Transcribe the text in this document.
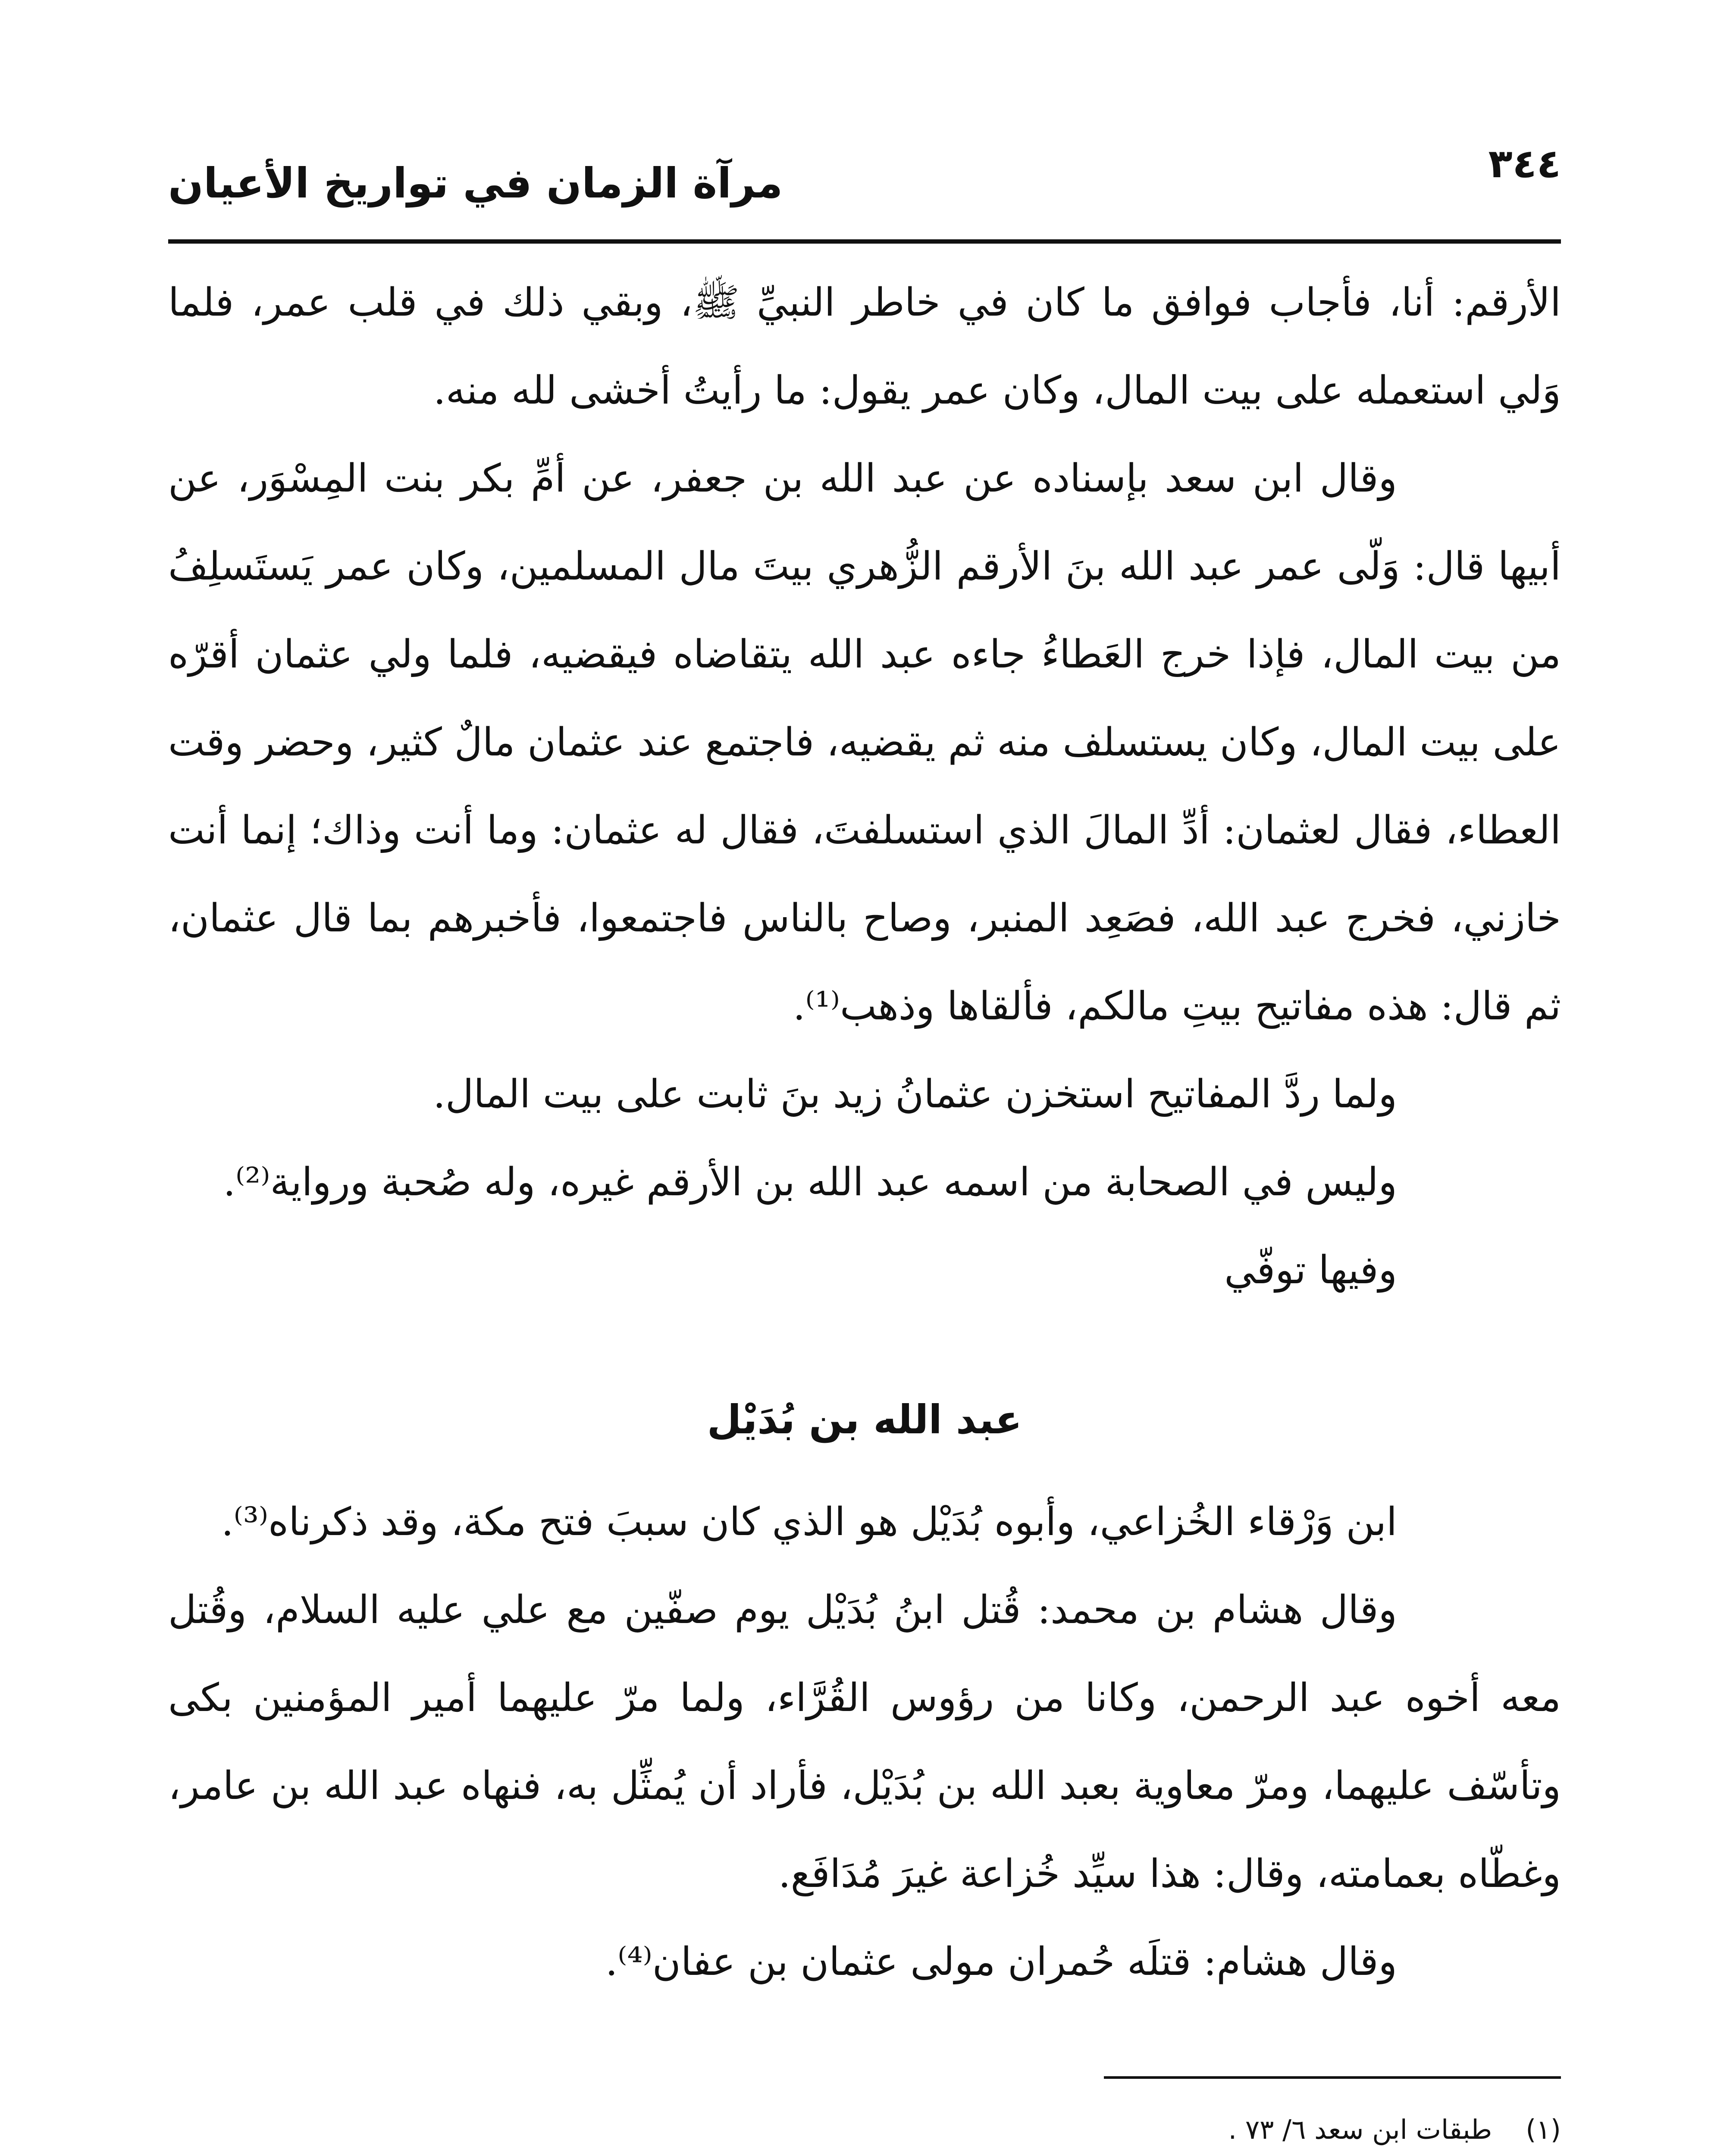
٣٤٤
مرآة الزمان في تواريخ الأعيان

الأرقم: أنا، فأجاب فوافق ما كان في خاطر النبيِّ ﷺ، وبقي ذلك في قلب عمر، فلما وَلي استعمله على بيت المال، وكان عمر يقول: ما رأيتُ أخشى لله منه.

وقال ابن سعد بإسناده عن عبد الله بن جعفر، عن أمِّ بكر بنت المِسْوَر، عن أبيها قال: وَلّى عمر عبد الله بنَ الأرقم الزُّهري بيتَ مال المسلمين، وكان عمر يَستَسلِفُ من بيت المال، فإذا خرج العَطاءُ جاءه عبد الله يتقاضاه فيقضيه، فلما ولي عثمان أقرّه على بيت المال، وكان يستسلف منه ثم يقضيه، فاجتمع عند عثمان مالٌ كثير، وحضر وقت العطاء، فقال لعثمان: أدِّ المالَ الذي استسلفتَ، فقال له عثمان: وما أنت وذاك؛ إنما أنت خازني، فخرج عبد الله، فصَعِد المنبر، وصاح بالناس فاجتمعوا، فأخبرهم بما قال عثمان، ثم قال: هذه مفاتيح بيتِ مالكم، فألقاها وذهب⁽¹⁾.

ولما ردَّ المفاتيح استخزن عثمانُ زيد بنَ ثابت على بيت المال.

وليس في الصحابة من اسمه عبد الله بن الأرقم غيره، وله صُحبة ورواية⁽²⁾.

وفيها توفّي

عبد الله بن بُدَيْل

ابن وَرْقاء الخُزاعي، وأبوه بُدَيْل هو الذي كان سببَ فتح مكة، وقد ذكرناه⁽³⁾.

وقال هشام بن محمد: قُتل ابنُ بُدَيْل يوم صفّين مع علي عليه السلام، وقُتل معه أخوه عبد الرحمن، وكانا من رؤوس القُرَّاء، ولما مرّ عليهما أمير المؤمنين بكى وتأسّف عليهما، ومرّ معاوية بعبد الله بن بُدَيْل، فأراد أن يُمثِّل به، فنهاه عبد الله بن عامر، وغطّاه بعمامته، وقال: هذا سيِّد خُزاعة غيرَ مُدَافَع.

وقال هشام: قتلَه حُمران مولى عثمان بن عفان⁽⁴⁾.

(١) طبقات ابن سعد ٦/ ٧٣ .
